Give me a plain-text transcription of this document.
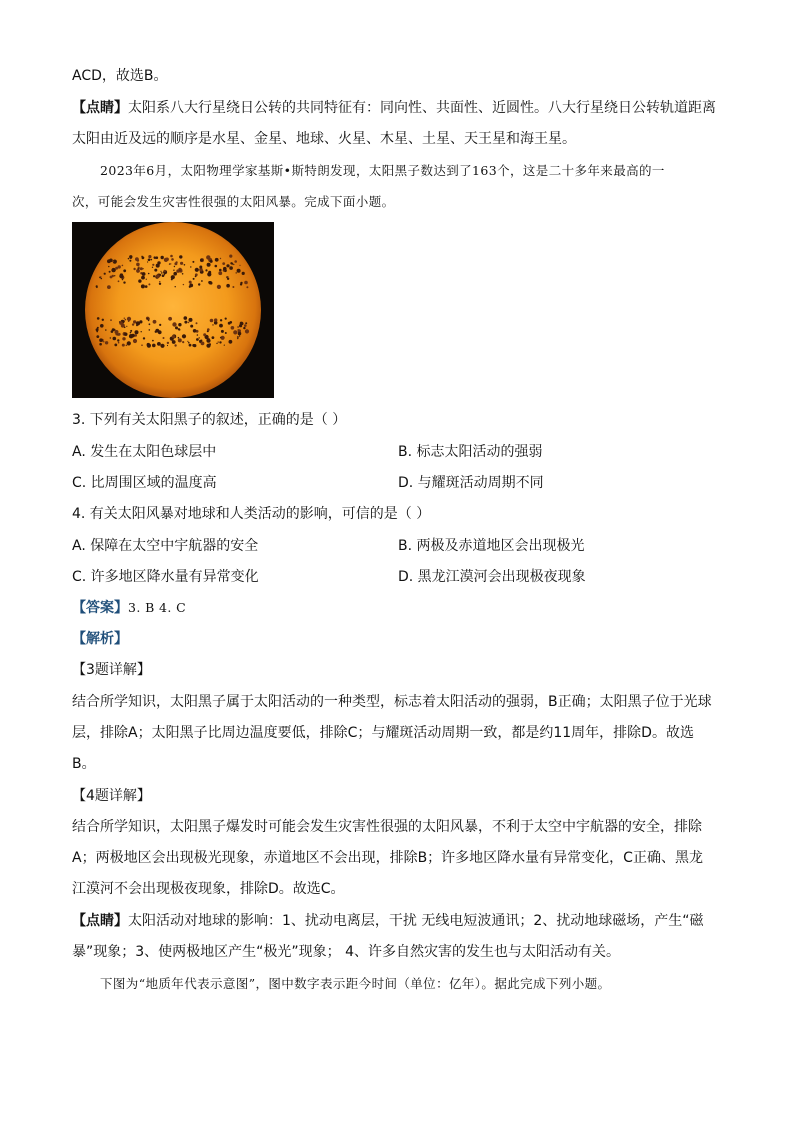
ACD，故选B。
【点睛】太阳系八大行星绕日公转的共同特征有：同向性、共面性、近圆性。八大行星绕日公转轨道距离
太阳由近及远的顺序是水星、金星、地球、火星、木星、土星、天王星和海王星。
2023年6月，太阳物理学家基斯•斯特朗发现，太阳黑子数达到了163个，这是二十多年来最高的一
次，可能会发生灾害性很强的太阳风暴。完成下面小题。
3. 下列有关太阳黑子的叙述，正确的是（ ）
A. 发生在太阳色球层中	B. 标志太阳活动的强弱
C. 比周围区域的温度高	D. 与耀斑活动周期不同
4. 有关太阳风暴对地球和人类活动的影响，可信的是（ ）
A. 保障在太空中宇航器的安全	B. 两极及赤道地区会出现极光
C. 许多地区降水量有异常变化	D. 黑龙江漠河会出现极夜现象
【答案】3. B 4. C
【解析】
【3题详解】
结合所学知识，太阳黑子属于太阳活动的一种类型，标志着太阳活动的强弱，B正确；太阳黑子位于光球
层，排除A；太阳黑子比周边温度要低，排除C；与耀斑活动周期一致，都是约11周年，排除D。故选
B。
【4题详解】
结合所学知识，太阳黑子爆发时可能会发生灾害性很强的太阳风暴，不利于太空中宇航器的安全，排除
A；两极地区会出现极光现象，赤道地区不会出现，排除B；许多地区降水量有异常变化，C正确、黑龙
江漠河不会出现极夜现象，排除D。故选C。
【点睛】太阳活动对地球的影响：1、扰动电离层，干扰 无线电短波通讯；2、扰动地球磁场，产生“磁
暴”现象；3、使两极地区产生“极光”现象； 4、许多自然灾害的发生也与太阳活动有关。
下图为“地质年代表示意图”，图中数字表示距今时间（单位：亿年）。据此完成下列小题。
